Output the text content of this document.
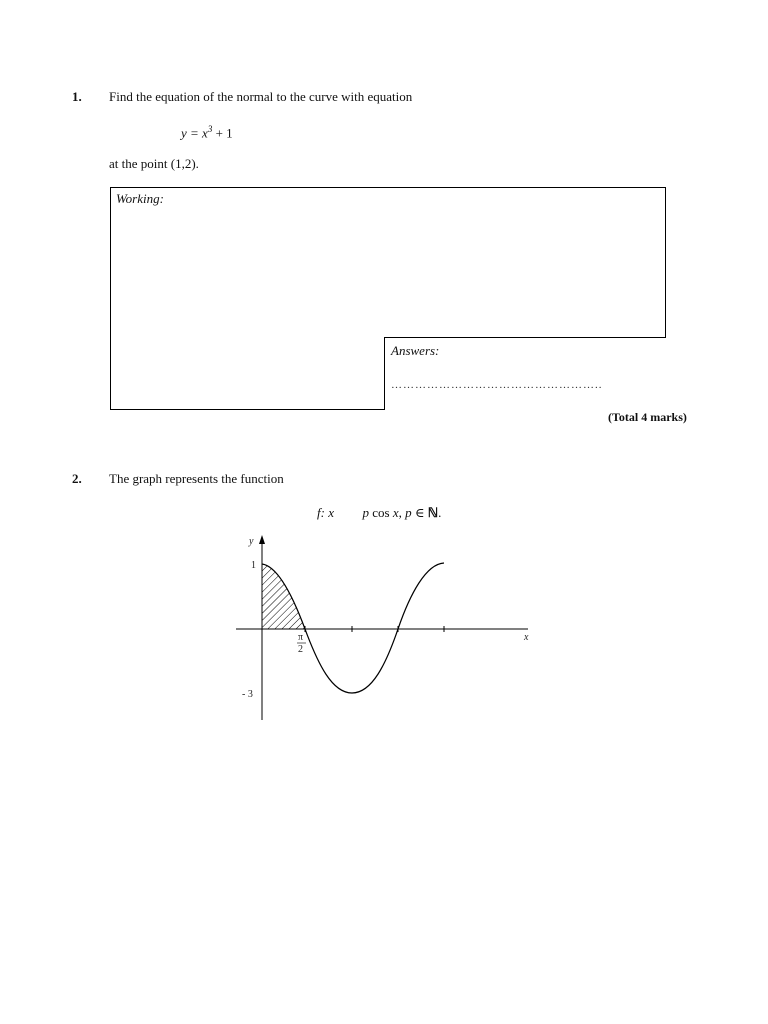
1. Find the equation of the normal to the curve with equation
$y = x^3 + 1$
at the point (1,2).
Working:
Answers:
……………………………………………..
(Total 4 marks)
2. The graph represents the function
f: x p cos x, p ∈ ℕ.
y
x
1
- 3
π
2
